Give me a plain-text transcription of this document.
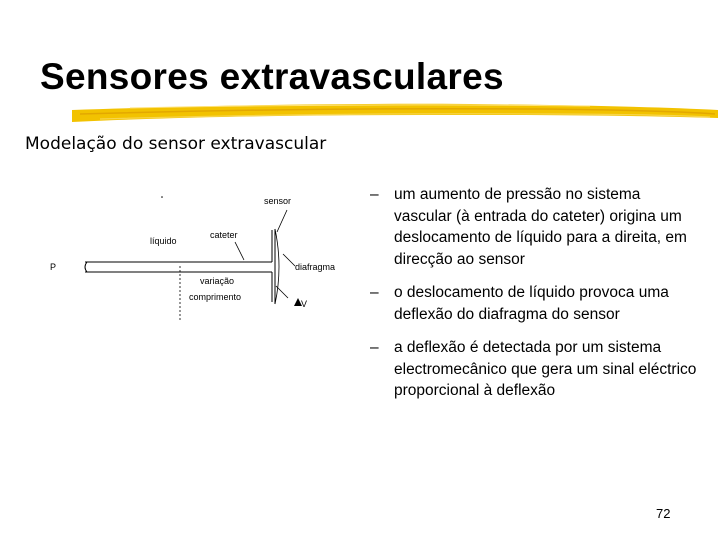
Sensores extravasculares
Modelação do sensor extravascular
sensor
cateter
líquido
P	diafragma
variação
comprimento
V
– um aumento de pressão no sistema vascular (à entrada do cateter) origina um deslocamento de líquido para a direita, em direcção ao sensor
– o deslocamento de líquido provoca uma deflexão do diafragma do sensor
– a deflexão é detectada por um sistema electromecânico que gera um sinal eléctrico proporcional à deflexão
72
